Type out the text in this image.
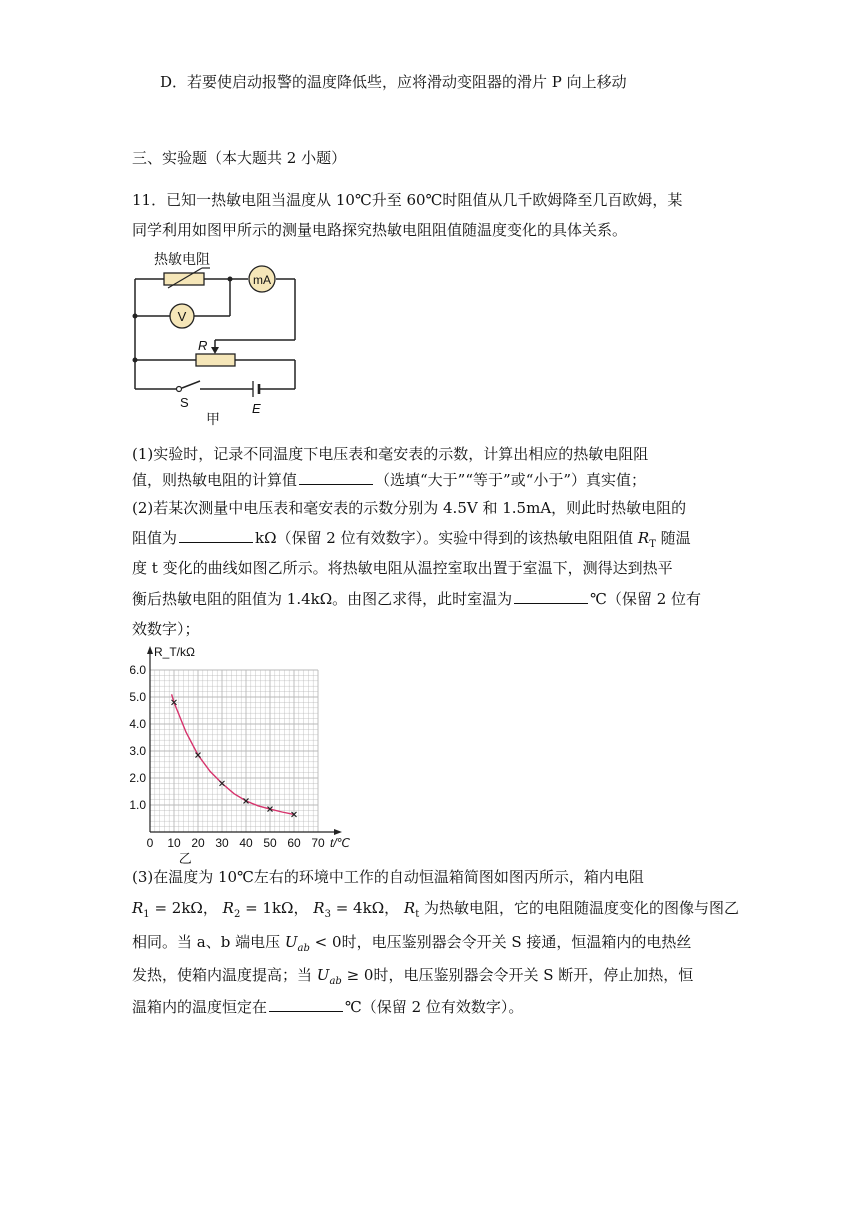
D．若要使启动报警的温度降低些，应将滑动变阻器的滑片 P 向上移动
三、实验题（本大题共 2 小题）
11．已知一热敏电阻当温度从 10℃升至 60℃时阻值从几千欧姆降至几百欧姆，某
同学利用如图甲所示的测量电路探究热敏电阻阻值随温度变化的具体关系。
mA
V
R
S	E
热敏电阻
甲
(1)实验时，记录不同温度下电压表和毫安表的示数，计算出相应的热敏电阻阻
值，则热敏电阻的计算值	（选填“大于”“等于”或“小于”）真实值；
(2)若某次测量中电压表和毫安表的示数分别为 4.5V 和 1.5mA，则此时热敏电阻的
阻值为	kΩ（保留 2 位有效数字）。实验中得到的该热敏电阻阻值 $R_T$ 随温
度 t 变化的曲线如图乙所示。将热敏电阻从温控室取出置于室温下，测得达到热平
衡后热敏电阻的阻值为 1.4kΩ。由图乙求得，此时室温为	℃（保留 2 位有
效数字）；
0 10 20 30 40 50 60 70
1.0
2.0
3.0
4.0
5.0
6.0
R_T/kΩ
t/℃
乙
(3)在温度为 10℃左右的环境中工作的自动恒温箱简图如图丙所示，箱内电阻
$R_1 = 2k\Omega$， $R_2 = 1k\Omega$， $R_3 = 4k\Omega$， $R_t$ 为热敏电阻，它的电阻随温度变化的图像与图乙
相同。当 a、b 端电压 $U_{ab} < 0$时，电压鉴别器会令开关 S 接通，恒温箱内的电热丝
发热，使箱内温度提高；当 $U_{ab} \ge 0$时，电压鉴别器会令开关 S 断开，停止加热，恒
温箱内的温度恒定在	℃（保留 2 位有效数字）。
